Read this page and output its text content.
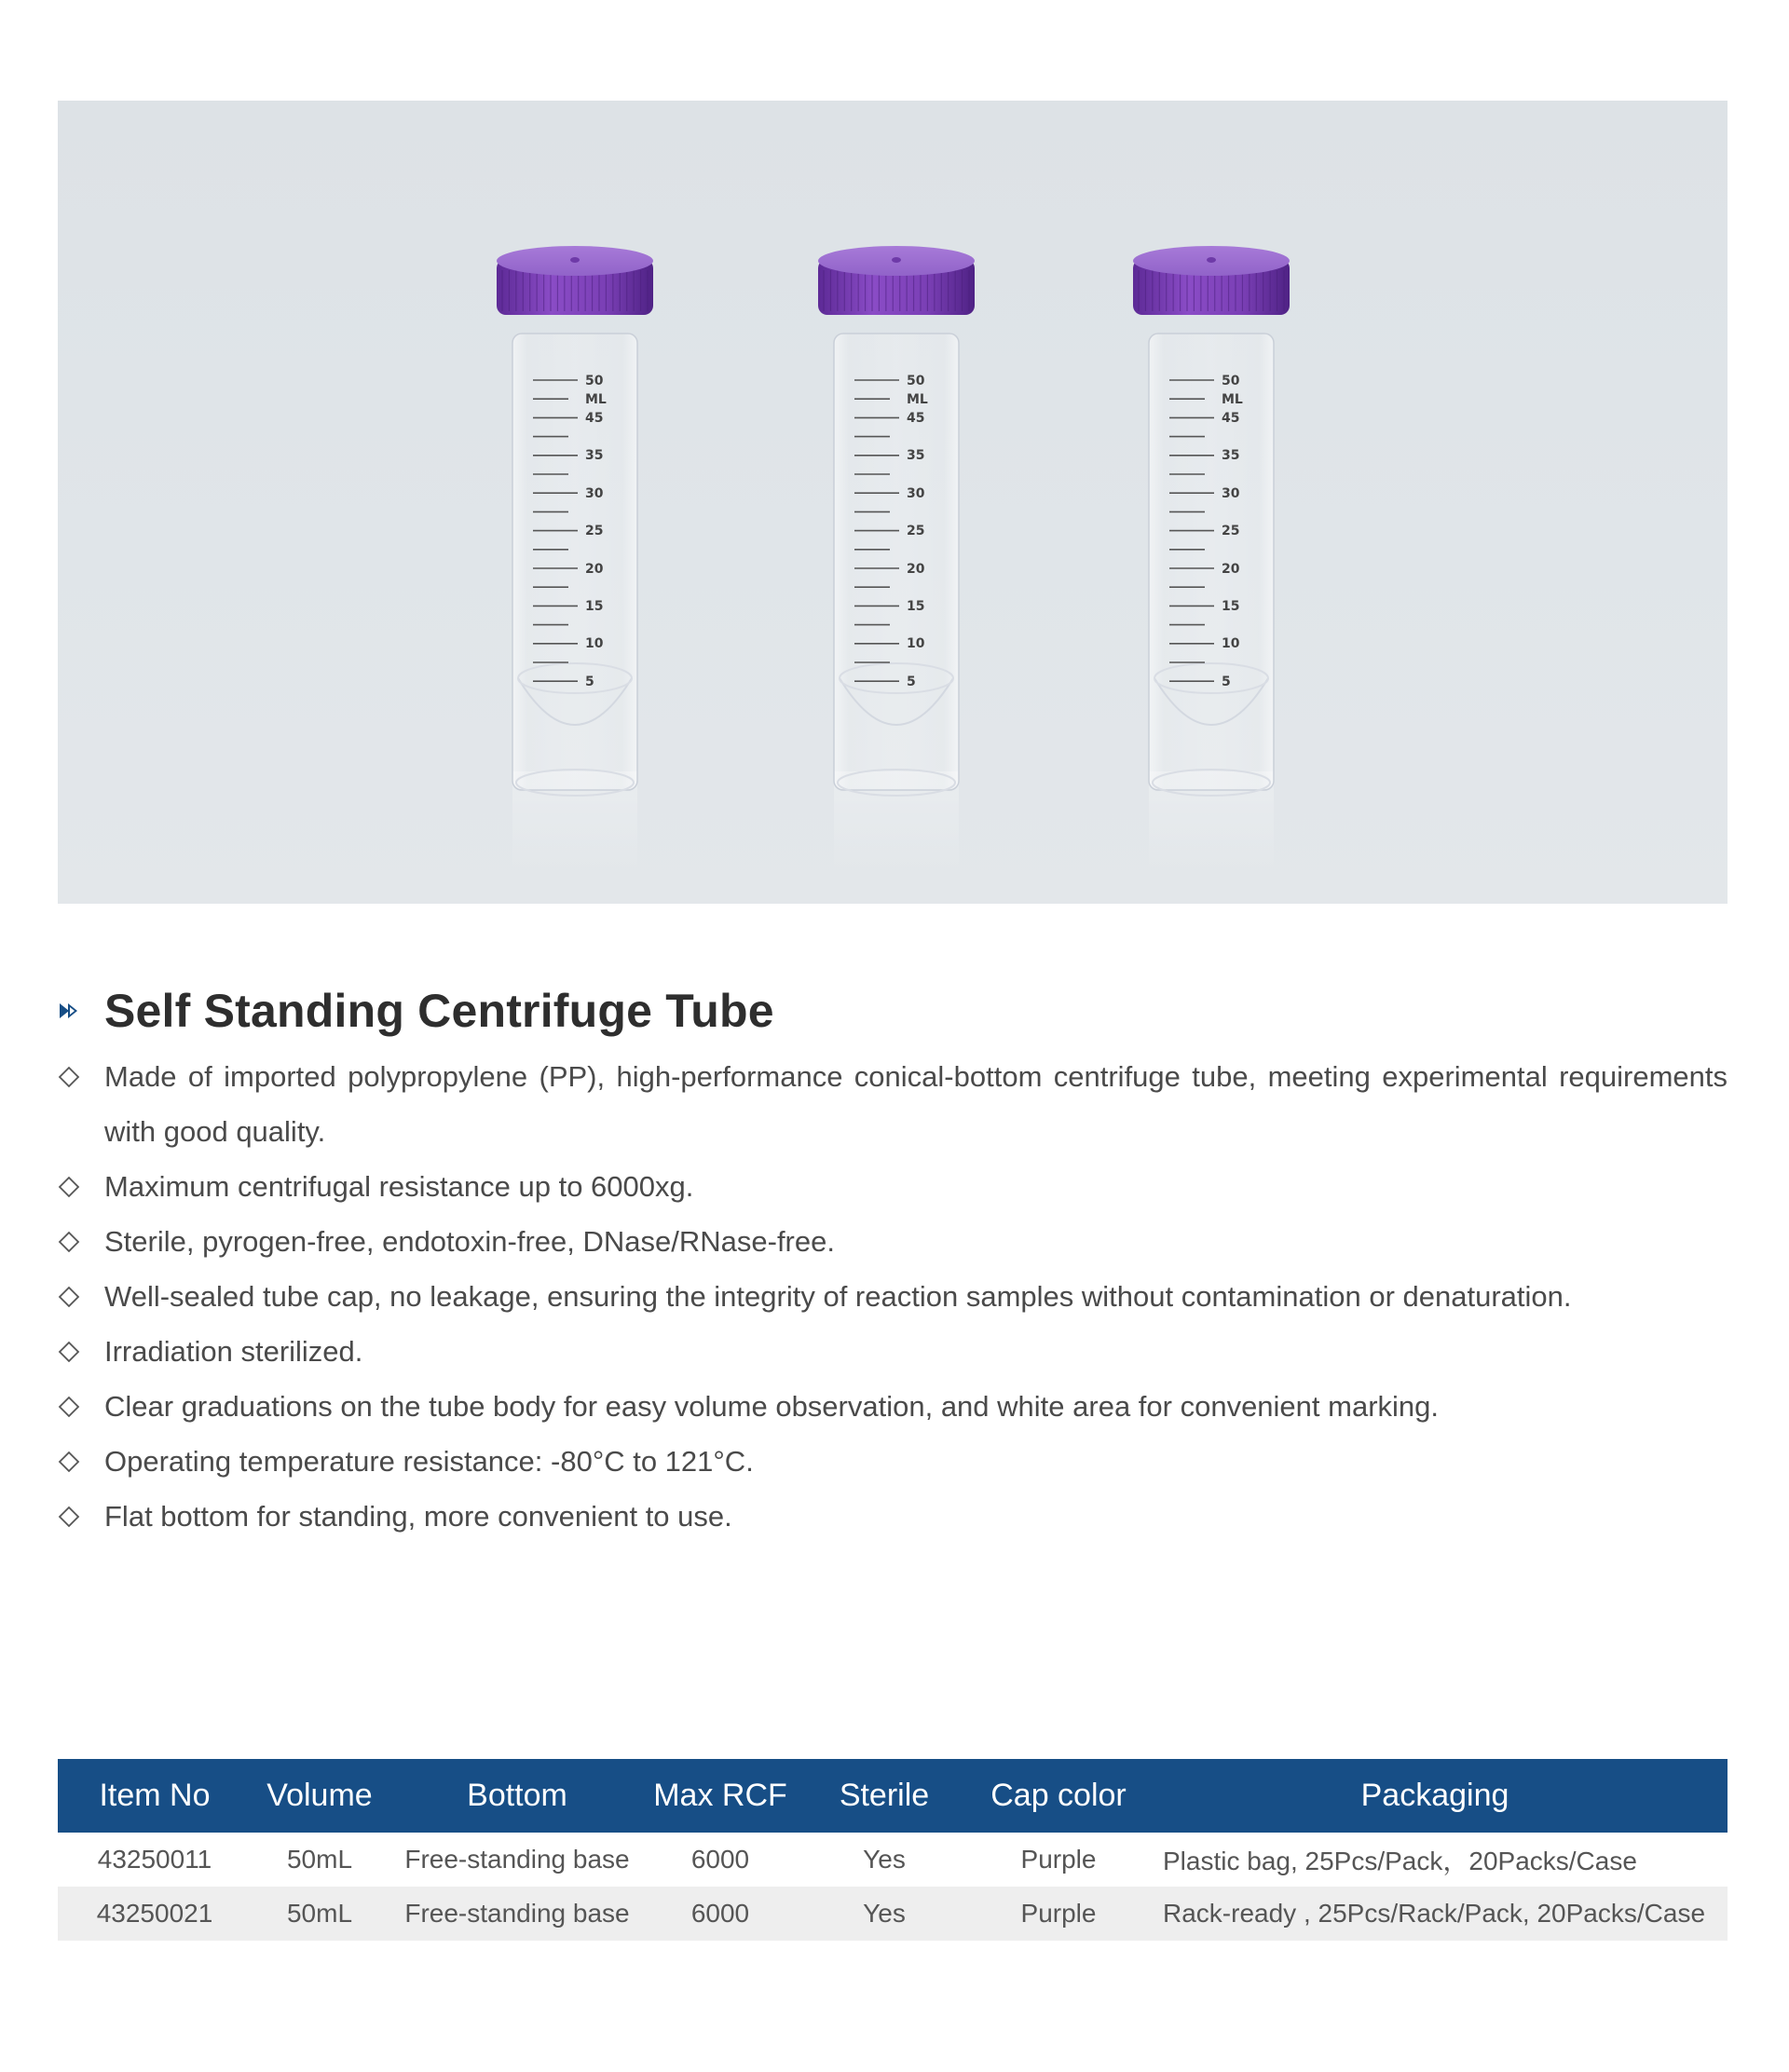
50
ML
45
35
30
25
20
15
10
5
50
ML
45
35
30
25
20
15
10
5
50
ML
45
35
30
25
20
15
10
5
Self Standing Centrifuge Tube
Made of imported polypropylene (PP), high-performance conical-bottom centrifuge tube, meeting experimental requirements with good quality.
Maximum centrifugal resistance up to 6000xg.
Sterile, pyrogen-free, endotoxin-free, DNase/RNase-free.
Well-sealed tube cap, no leakage, ensuring the integrity of reaction samples without contamination or denaturation.
Irradiation sterilized.
Clear graduations on the tube body for easy volume observation, and white area for convenient marking.
Operating temperature resistance: -80°C to 121°C.
Flat bottom for standing, more convenient to use.
Item No	Volume	Bottom	Max RCF	Sterile	Cap color	Packaging
43250011	50mL	Free-standing base	6000	Yes	Purple	Plastic bag, 25Pcs/Pack，20Packs/Case
43250021	50mL	Free-standing base	6000	Yes	Purple	Rack-ready , 25Pcs/Rack/Pack, 20Packs/Case
